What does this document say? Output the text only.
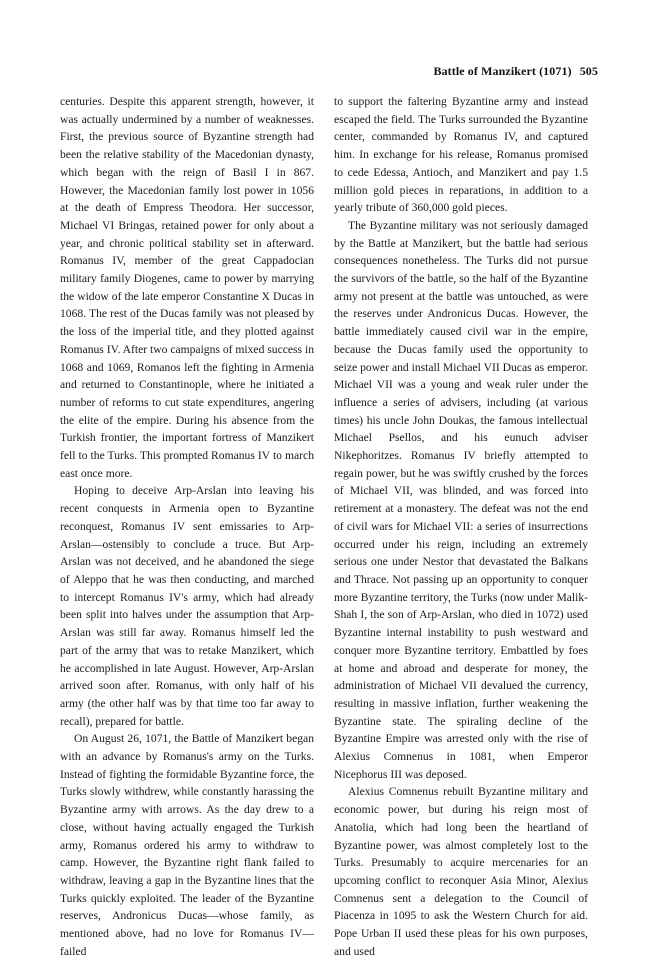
Battle of Manzikert (1071) 505

centuries. Despite this apparent strength, however, it was actually undermined by a number of weaknesses. First, the previous source of Byzantine strength had been the relative stability of the Macedonian dynasty, which began with the reign of Basil I in 867. However, the Macedonian family lost power in 1056 at the death of Empress Theodora. Her successor, Michael VI Bringas, retained power for only about a year, and chronic political stability set in afterward. Romanus IV, member of the great Cappadocian military family Diogenes, came to power by marrying the widow of the late emperor Constantine X Ducas in 1068. The rest of the Ducas family was not pleased by the loss of the imperial title, and they plotted against Romanus IV. After two campaigns of mixed success in 1068 and 1069, Romanos left the fighting in Armenia and returned to Constantinople, where he initiated a number of reforms to cut state expenditures, angering the elite of the empire. During his absence from the Turkish frontier, the important fortress of Manzikert fell to the Turks. This prompted Romanus IV to march east once more.

Hoping to deceive Arp-Arslan into leaving his recent conquests in Armenia open to Byzantine reconquest, Romanus IV sent emissaries to Arp-Arslan—ostensibly to conclude a truce. But Arp-Arslan was not deceived, and he abandoned the siege of Aleppo that he was then conducting, and marched to intercept Romanus IV's army, which had already been split into halves under the assumption that Arp-Arslan was still far away. Romanus himself led the part of the army that was to retake Manzikert, which he accomplished in late August. However, Arp-Arslan arrived soon after. Romanus, with only half of his army (the other half was by that time too far away to recall), prepared for battle.

On August 26, 1071, the Battle of Manzikert began with an advance by Romanus's army on the Turks. Instead of fighting the formidable Byzantine force, the Turks slowly withdrew, while constantly harassing the Byzantine army with arrows. As the day drew to a close, without having actually engaged the Turkish army, Romanus ordered his army to withdraw to camp. However, the Byzantine right flank failed to withdraw, leaving a gap in the Byzantine lines that the Turks quickly exploited. The leader of the Byzantine reserves, Andronicus Ducas—whose family, as mentioned above, had no love for Romanus IV—failed

to support the faltering Byzantine army and instead escaped the field. The Turks surrounded the Byzantine center, commanded by Romanus IV, and captured him. In exchange for his release, Romanus promised to cede Edessa, Antioch, and Manzikert and pay 1.5 million gold pieces in reparations, in addition to a yearly tribute of 360,000 gold pieces.

The Byzantine military was not seriously damaged by the Battle at Manzikert, but the battle had serious consequences nonetheless. The Turks did not pursue the survivors of the battle, so the half of the Byzantine army not present at the battle was untouched, as were the reserves under Andronicus Ducas. However, the battle immediately caused civil war in the empire, because the Ducas family used the opportunity to seize power and install Michael VII Ducas as emperor. Michael VII was a young and weak ruler under the influence a series of advisers, including (at various times) his uncle John Doukas, the famous intellectual Michael Psellos, and his eunuch adviser Nikephoritzes. Romanus IV briefly attempted to regain power, but he was swiftly crushed by the forces of Michael VII, was blinded, and was forced into retirement at a monastery. The defeat was not the end of civil wars for Michael VII: a series of insurrections occurred under his reign, including an extremely serious one under Nestor that devastated the Balkans and Thrace. Not passing up an opportunity to conquer more Byzantine territory, the Turks (now under Malik-Shah I, the son of Arp-Arslan, who died in 1072) used Byzantine internal instability to push westward and conquer more Byzantine territory. Embattled by foes at home and abroad and desperate for money, the administration of Michael VII devalued the currency, resulting in massive inflation, further weakening the Byzantine state. The spiraling decline of the Byzantine Empire was arrested only with the rise of Alexius Comnenus in 1081, when Emperor Nicephorus III was deposed.

Alexius Comnenus rebuilt Byzantine military and economic power, but during his reign most of Anatolia, which had long been the heartland of Byzantine power, was almost completely lost to the Turks. Presumably to acquire mercenaries for an upcoming conflict to reconquer Asia Minor, Alexius Comnenus sent a delegation to the Council of Piacenza in 1095 to ask the Western Church for aid. Pope Urban II used these pleas for his own purposes, and used
